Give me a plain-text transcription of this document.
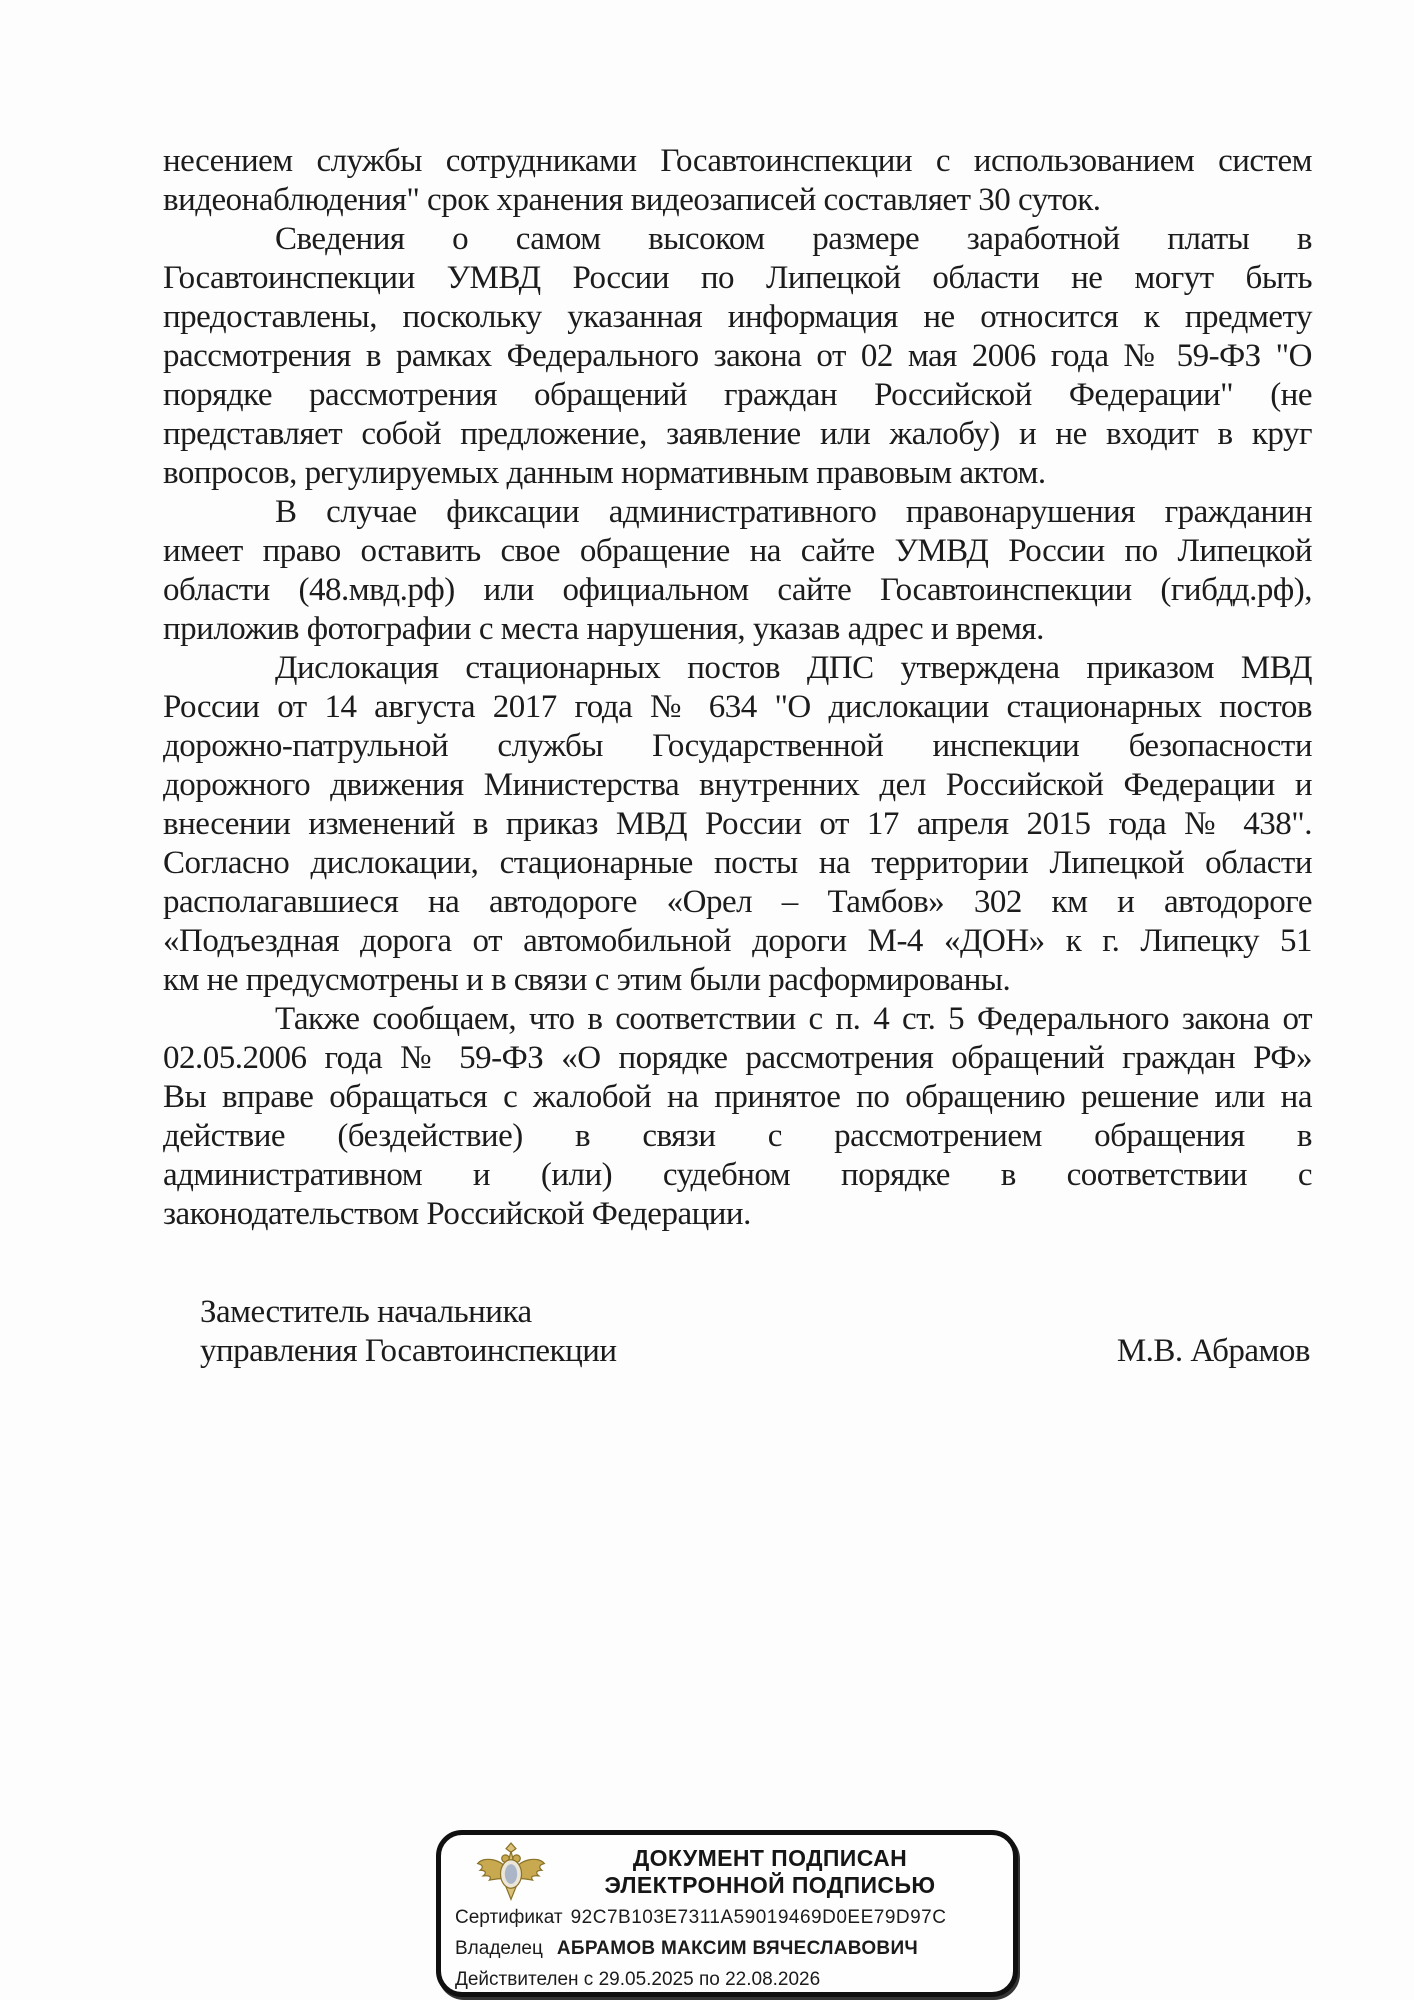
несением службы сотрудниками Госавтоинспекции с использованием систем
видеонаблюдения" срок хранения видеозаписей составляет 30 суток.
Сведения о самом высоком размере заработной платы в
Госавтоинспекции УМВД России по Липецкой области не могут быть
предоставлены, поскольку указанная информация не относится к предмету
рассмотрения в рамках Федерального закона от 02 мая 2006 года № 59-ФЗ "О
порядке рассмотрения обращений граждан Российской Федерации" (не
представляет собой предложение, заявление или жалобу) и не входит в круг
вопросов, регулируемых данным нормативным правовым актом.
В случае фиксации административного правонарушения гражданин
имеет право оставить свое обращение на сайте УМВД России по Липецкой
области (48.мвд.рф) или официальном сайте Госавтоинспекции (гибдд.рф),
приложив фотографии с места нарушения, указав адрес и время.
Дислокация стационарных постов ДПС утверждена приказом МВД
России от 14 августа 2017 года № 634 "О дислокации стационарных постов
дорожно-патрульной службы Государственной инспекции безопасности
дорожного движения Министерства внутренних дел Российской Федерации и
внесении изменений в приказ МВД России от 17 апреля 2015 года № 438".
Согласно дислокации, стационарные посты на территории Липецкой области
располагавшиеся на автодороге «Орел – Тамбов» 302 км и автодороге
«Подъездная дорога от автомобильной дороги М-4 «ДОН» к г. Липецку 51
км не предусмотрены и в связи с этим были расформированы.
Также сообщаем, что в соответствии с п. 4 ст. 5 Федерального закона от
02.05.2006 года № 59-ФЗ «О порядке рассмотрения обращений граждан РФ»
Вы вправе обращаться с жалобой на принятое по обращению решение или на
действие (бездействие) в связи с рассмотрением обращения в
административном и (или) судебном порядке в соответствии с
законодательством Российской Федерации.
Заместитель начальника
управления Госавтоинспекции	М.В. Абрамов
ДОКУМЕНТ ПОДПИСАН
ЭЛЕКТРОННОЙ ПОДПИСЬЮ
Сертификат 92C7B103E7311A59019469D0EE79D97C
Владелец АБРАМОВ МАКСИМ ВЯЧЕСЛАВОВИЧ
Действителен с 29.05.2025 по 22.08.2026
